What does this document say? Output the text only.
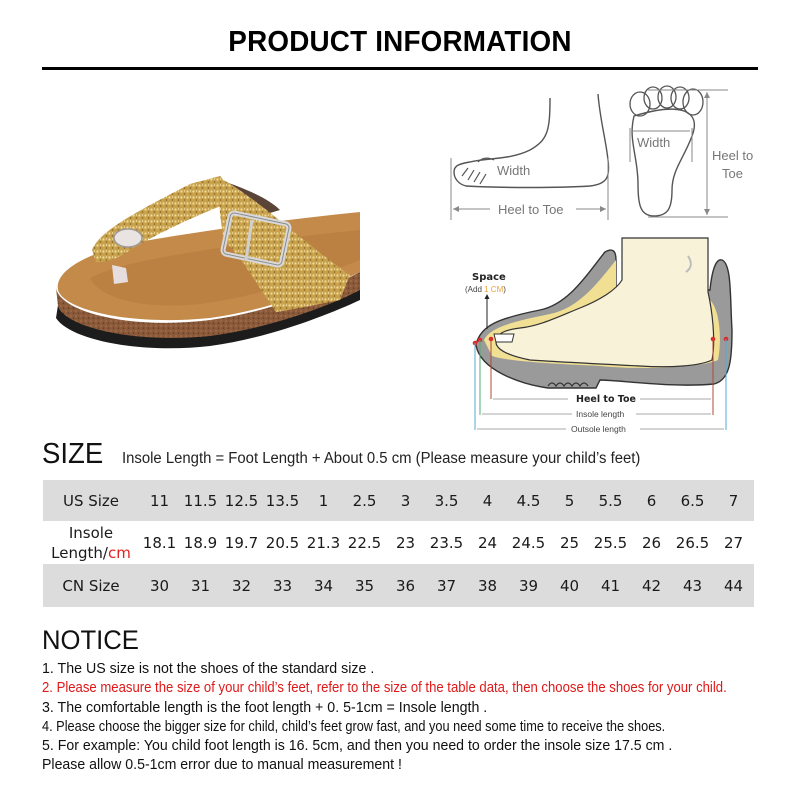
PRODUCT INFORMATION
Width
Heel to Toe
Width
Heel to
Toe
Space
(Add 1 CM)
Heel to Toe
Insole length
Outsole length
SIZE Insole Length = Foot Length + About 0.5 cm (Please measure your child’s feet)
US Size	11	11.5	12.5	13.5	1	2.5	3	3.5	4	4.5	5	5.5	6	6.5	7
Insole
Length/cm	18.1	18.9	19.7	20.5	21.3	22.5	23	23.5	24	24.5	25	25.5	26	26.5	27
CN Size	30	31	32	33	34	35	36	37	38	39	40	41	42	43	44
NOTICE
1. The US size is not the shoes of the standard size .
2. Please measure the size of your child’s feet, refer to the size of the table data, then choose the shoes for your child.
3. The comfortable length is the foot length + 0. 5-1cm = Insole length .
4. Please choose the bigger size for child, child’s feet grow fast, and you need some time to receive the shoes.
5. For example: You child foot length is 16. 5cm, and then you need to order the insole size 17.5 cm .
Please allow 0.5-1cm error due to manual measurement !
